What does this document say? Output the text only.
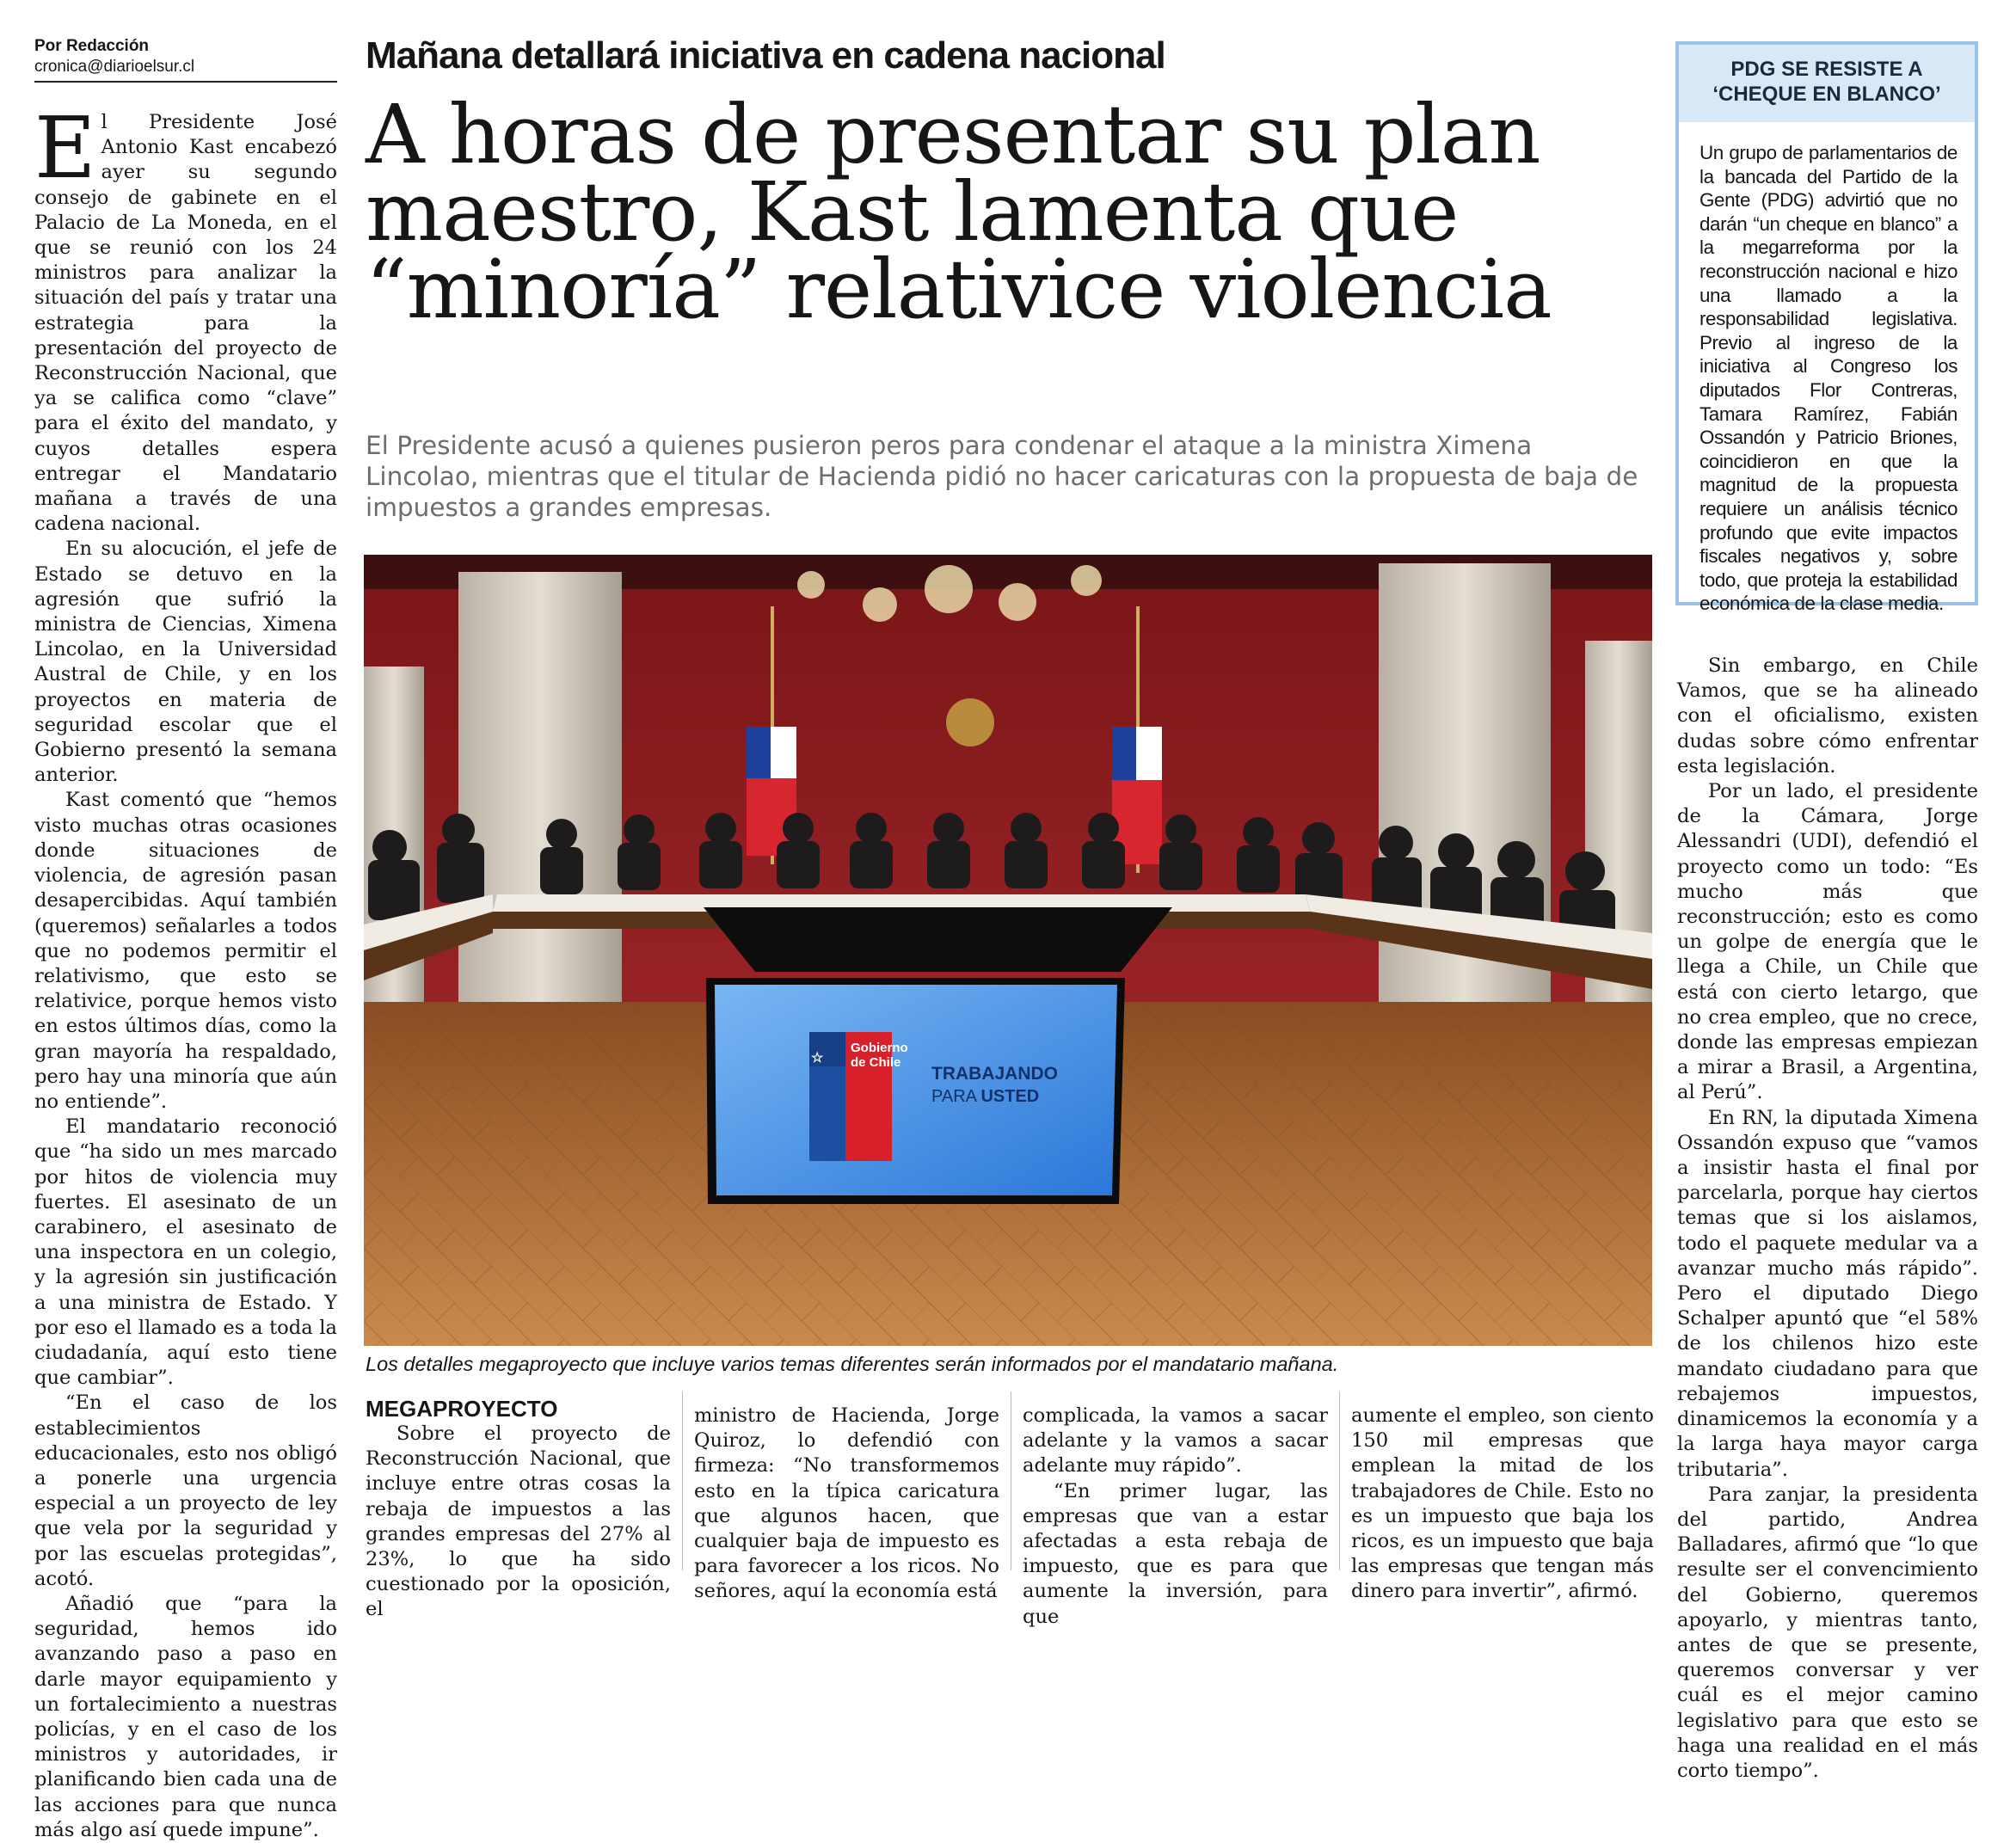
Por Redacción
cronica@diarioelsur.cl

El Presidente José Antonio Kast encabezó ayer su segundo consejo de gabinete en el Palacio de La Moneda, en el que se reunió con los 24 ministros para analizar la situación del país y tratar una estrategia para la presentación del proyecto de Reconstrucción Nacional, que ya se califica como “clave” para el éxito del mandato, y cuyos detalles espera entregar el Mandatario mañana a través de una cadena nacional.

En su alocución, el jefe de Estado se detuvo en la agresión que sufrió la ministra de Ciencias, Ximena Lincolao, en la Universidad Austral de Chile, y en los proyectos en materia de seguridad escolar que el Gobierno presentó la semana anterior.

Kast comentó que “hemos visto muchas otras ocasiones donde situaciones de violencia, de agresión pasan desapercibidas. Aquí también (queremos) señalarles a todos que no podemos permitir el relativismo, que esto se relativice, porque hemos visto en estos últimos días, como la gran mayoría ha respaldado, pero hay una minoría que aún no entiende”.

El mandatario reconoció que “ha sido un mes marcado por hitos de violencia muy fuertes. El asesinato de un carabinero, el asesinato de una inspectora en un colegio, y la agresión sin justificación a una ministra de Estado. Y por eso el llamado es a toda la ciudadanía, aquí esto tiene que cambiar”.

“En el caso de los establecimientos educacionales, esto nos obligó a ponerle una urgencia especial a un proyecto de ley que vela por la seguridad y por las escuelas protegidas”, acotó.

Añadió que “para la seguridad, hemos ido avanzando paso a paso en darle mayor equipamiento y un fortalecimiento a nuestras policías, y en el caso de los ministros y autoridades, ir planificando bien cada una de las acciones para que nunca más algo así quede impune”.

Mañana detallará iniciativa en cadena nacional
A horas de presentar su plan
maestro, Kast lamenta que
“minoría” relativice violencia
El Presidente acusó a quienes pusieron peros para condenar el ataque a la ministra Ximena Lincolao, mientras que el titular de Hacienda pidió no hacer caricaturas con la propuesta de baja de impuestos a grandes empresas.
☆
Gobierno
de Chile
TRABAJANDO
PARA USTED
Los detalles megaproyecto que incluye varios temas diferentes serán informados por el mandatario mañana.
MEGAPROYECTO

Sobre el proyecto de Reconstrucción Nacional, que incluye entre otras cosas la rebaja de impuestos a las grandes empresas del 27% al 23%, lo que ha sido cuestionado por la oposición, el

ministro de Hacienda, Jorge Quiroz, lo defendió con firmeza: “No transformemos esto en la típica caricatura que algunos hacen, que cualquier baja de impuesto es para favorecer a los ricos. No señores, aquí la economía está

complicada, la vamos a sacar adelante y la vamos a sacar adelante muy rápido”.

“En primer lugar, las empresas que van a estar afectadas a esta rebaja de impuesto, que es para que aumente la inversión, para que

aumente el empleo, son ciento 150 mil empresas que emplean la mitad de los trabajadores de Chile. Esto no es un impuesto que baja los ricos, es un impuesto que baja las empresas que tengan más dinero para invertir”, afirmó.

PDG SE RESISTE A
‘CHEQUE EN BLANCO’

Un grupo de parlamentarios de la bancada del Partido de la Gente (PDG) advirtió que no darán “un cheque en blanco” a la megarreforma por la reconstrucción nacional e hizo una llamado a la responsabilidad legislativa. Previo al ingreso de la iniciativa al Congreso los diputados Flor Contreras, Tamara Ramírez, Fabián Ossandón y Patricio Briones, coincidieron en que la magnitud de la propuesta requiere un análisis técnico profundo que evite impactos fiscales negativos y, sobre todo, que proteja la estabilidad económica de la clase media.

Sin embargo, en Chile Vamos, que se ha alineado con el oficialismo, existen dudas sobre cómo enfrentar esta legislación.

Por un lado, el presidente de la Cámara, Jorge Alessandri (UDI), defendió el proyecto como un todo: “Es mucho más que reconstrucción; esto es como un golpe de energía que le llega a Chile, un Chile que está con cierto letargo, que no crea empleo, que no crece, donde las empresas empiezan a mirar a Brasil, a Argentina, al Perú”.

En RN, la diputada Ximena Ossandón expuso que “vamos a insistir hasta el final por parcelarla, porque hay ciertos temas que si los aislamos, todo el paquete medular va a avanzar mucho más rápido”. Pero el diputado Diego Schalper apuntó que “el 58% de los chilenos hizo este mandato ciudadano para que rebajemos impuestos, dinamicemos la economía y a la larga haya mayor carga tributaria”.

Para zanjar, la presidenta del partido, Andrea Balladares, afirmó que “lo que resulte ser el convencimiento del Gobierno, queremos apoyarlo, y mientras tanto, antes de que se presente, queremos conversar y ver cuál es el mejor camino legislativo para que esto se haga una realidad en el más corto tiempo”.
